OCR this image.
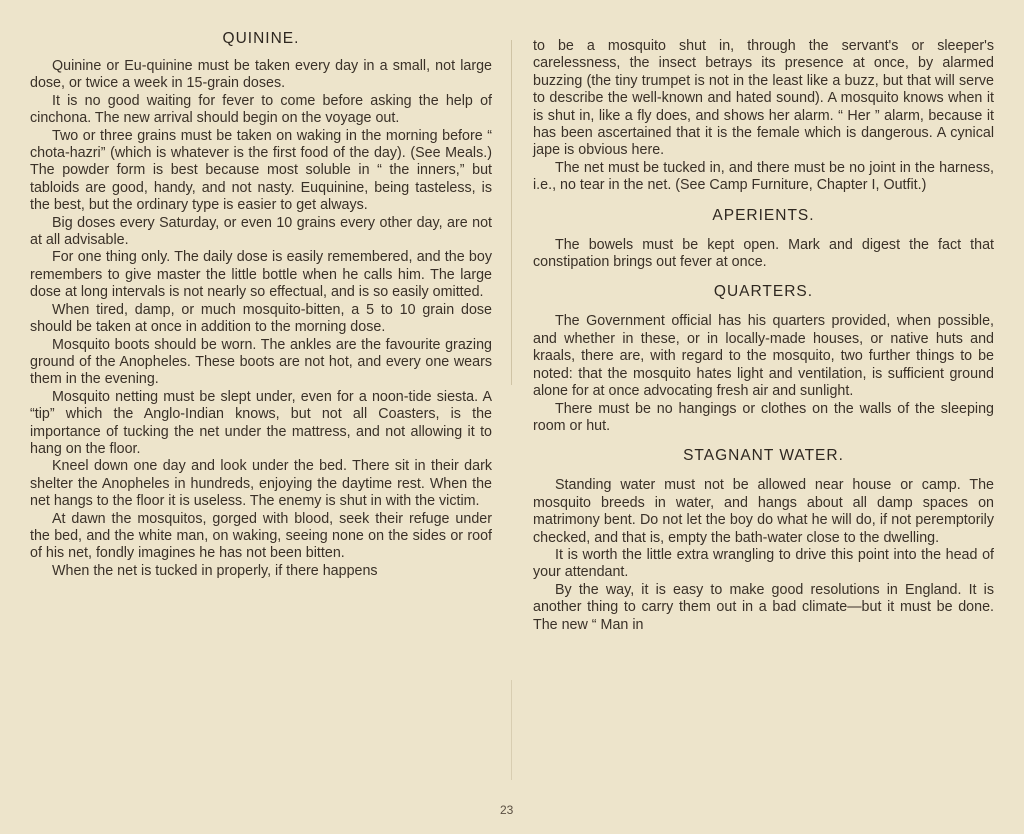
QUININE.

Quinine or Eu-quinine must be taken every day in a small, not large dose, or twice a week in 15-grain doses.

It is no good waiting for fever to come before asking the help of cinchona. The new arrival should begin on the voyage out.

Two or three grains must be taken on waking in the morning before “ chota-hazri” (which is whatever is the first food of the day). (See Meals.) The powder form is best because most soluble in “ the inners,” but tabloids are good, handy, and not nasty. Euquinine, being tasteless, is the best, but the ordinary type is easier to get always.

Big doses every Saturday, or even 10 grains every other day, are not at all advisable.

For one thing only. The daily dose is easily remembered, and the boy remembers to give master the little bottle when he calls him. The large dose at long intervals is not nearly so effectual, and is so easily omitted.

When tired, damp, or much mosquito-bitten, a 5 to 10 grain dose should be taken at once in addition to the morning dose.

Mosquito boots should be worn. The ankles are the favourite grazing ground of the Anopheles. These boots are not hot, and every one wears them in the evening.

Mosquito netting must be slept under, even for a noon-tide siesta. A “tip” which the Anglo-Indian knows, but not all Coasters, is the importance of tucking the net under the mattress, and not allowing it to hang on the floor.

Kneel down one day and look under the bed. There sit in their dark shelter the Anopheles in hundreds, enjoying the daytime rest. When the net hangs to the floor it is useless. The enemy is shut in with the victim.

At dawn the mosquitos, gorged with blood, seek their refuge under the bed, and the white man, on waking, seeing none on the sides or roof of his net, fondly imagines he has not been bitten.

When the net is tucked in properly, if there happens

to be a mosquito shut in, through the servant's or sleeper's carelessness, the insect betrays its presence at once, by alarmed buzzing (the tiny trumpet is not in the least like a buzz, but that will serve to describe the well-known and hated sound). A mosquito knows when it is shut in, like a fly does, and shows her alarm. “ Her ” alarm, because it has been ascertained that it is the female which is dangerous. A cynical jape is obvious here.

The net must be tucked in, and there must be no joint in the harness, i.e., no tear in the net. (See Camp Furniture, Chapter I, Outfit.)

APERIENTS.

The bowels must be kept open. Mark and digest the fact that constipation brings out fever at once.

QUARTERS.

The Government official has his quarters provided, when possible, and whether in these, or in locally-made houses, or native huts and kraals, there are, with regard to the mosquito, two further things to be noted: that the mosquito hates light and ventilation, is sufficient ground alone for at once advocating fresh air and sunlight.

There must be no hangings or clothes on the walls of the sleeping room or hut.

STAGNANT WATER.

Standing water must not be allowed near house or camp. The mosquito breeds in water, and hangs about all damp spaces on matrimony bent. Do not let the boy do what he will do, if not peremptorily checked, and that is, empty the bath-water close to the dwelling.

It is worth the little extra wrangling to drive this point into the head of your attendant.

By the way, it is easy to make good resolutions in England. It is another thing to carry them out in a bad climate—but it must be done. The new “ Man in

23
